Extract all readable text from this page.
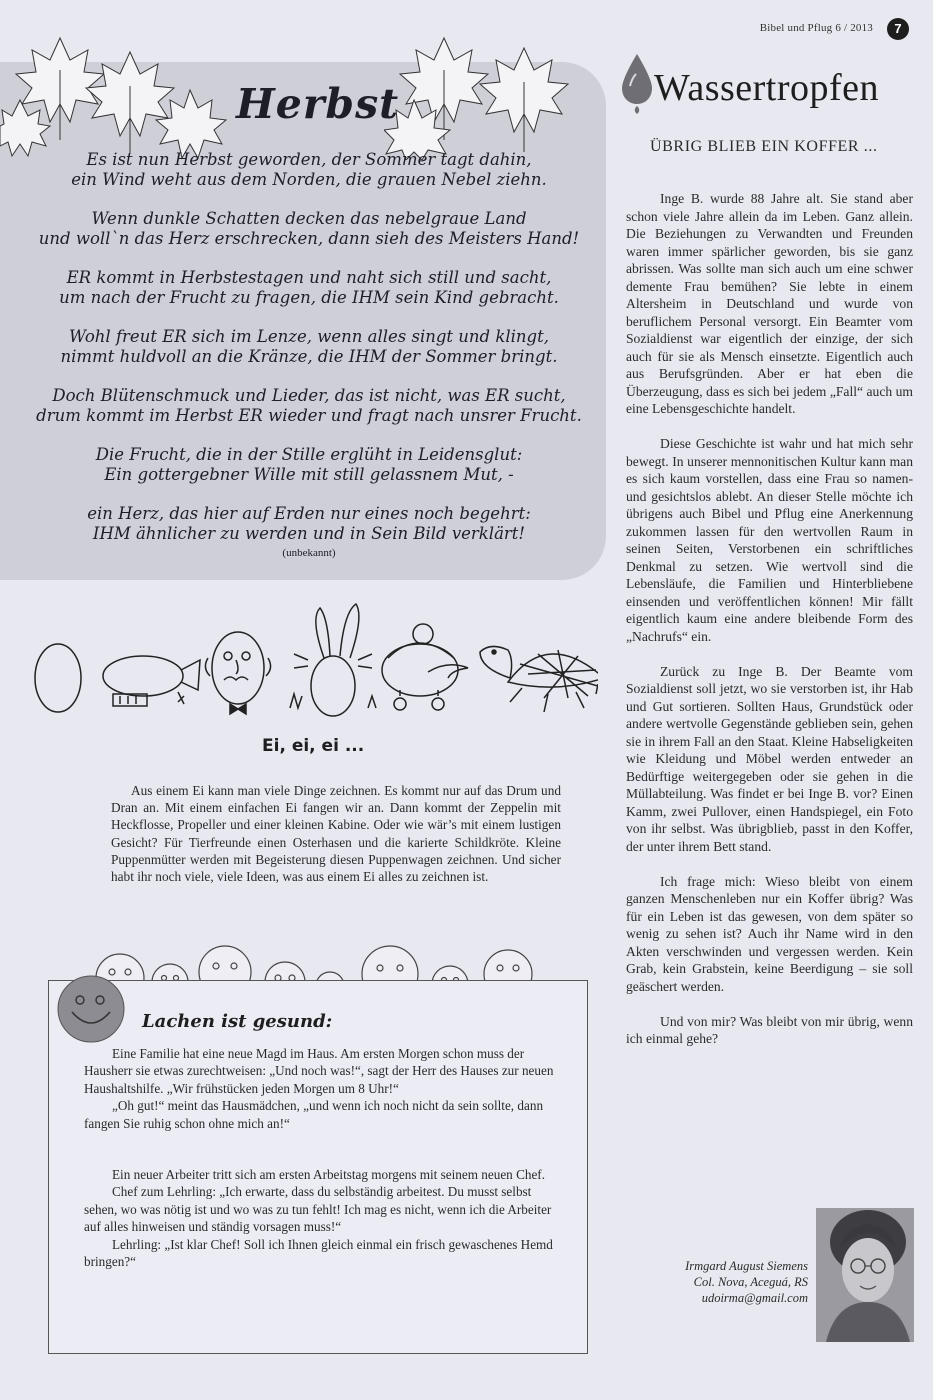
Bibel und Pflug 6 / 2013	7
Herbst
Es ist nun Herbst geworden, der Sommer tagt dahin,
ein Wind weht aus dem Norden, die grauen Nebel ziehn.
Wenn dunkle Schatten decken das nebelgraue Land
und woll`n das Herz erschrecken, dann sieh des Meisters Hand!
ER kommt in Herbstestagen und naht sich still und sacht,
um nach der Frucht zu fragen, die IHM sein Kind gebracht.
Wohl freut ER sich im Lenze, wenn alles singt und klingt,
nimmt huldvoll an die Kränze, die IHM der Sommer bringt.
Doch Blütenschmuck und Lieder, das ist nicht, was ER sucht,
drum kommt im Herbst ER wieder und fragt nach unsrer Frucht.
Die Frucht, die in der Stille erglüht in Leidensglut:
Ein gottergebner Wille mit still gelassnem Mut, -
ein Herz, das hier auf Erden nur eines noch begehrt:
IHM ähnlicher zu werden und in Sein Bild verklärt!
(unbekannt)
Ei, ei, ei ...

Aus einem Ei kann man viele Dinge zeichnen. Es kommt nur auf das Drum und Dran an. Mit einem einfachen Ei fangen wir an. Dann kommt der Zeppelin mit Heckflosse, Propeller und einer kleinen Kabine. Oder wie wär’s mit einem lustigen Gesicht? Für Tierfreunde einen Osterhasen und die karierte Schildkröte. Kleine Puppenmütter werden mit Begeisterung diesen Puppenwagen zeichnen. Und sicher habt ihr noch viele, viele Ideen, was aus einem Ei alles zu zeichnen ist.

Lachen ist gesund:

Eine Familie hat eine neue Magd im Haus. Am ersten Morgen schon muss der Hausherr sie etwas zurechtweisen: „Und noch was!“, sagt der Herr des Hauses zur neuen Haushaltshilfe. „Wir frühstücken jeden Morgen um 8 Uhr!“

„Oh gut!“ meint das Hausmädchen, „und wenn ich noch nicht da sein sollte, dann fangen Sie ruhig schon ohne mich an!“

Ein neuer Arbeiter tritt sich am ersten Arbeitstag morgens mit seinem neuen Chef.

Chef zum Lehrling: „Ich erwarte, dass du selbständig arbeitest. Du musst selbst sehen, wo was nötig ist und wo was zu tun fehlt! Ich mag es nicht, wenn ich die Arbeiter auf alles hinweisen und ständig vorsagen muss!“

Lehrling: „Ist klar Chef! Soll ich Ihnen gleich einmal ein frisch gewaschenes Hemd bringen?“

Wassertropfen
ÜBRIG BLIEB EIN KOFFER ...

Inge B. wurde 88 Jahre alt. Sie stand aber schon viele Jahre allein da im Leben. Ganz allein. Die Beziehungen zu Verwandten und Freunden waren immer spärlicher geworden, bis sie ganz abrissen. Was sollte man sich auch um eine schwer demente Frau bemühen? Sie lebte in einem Altersheim in Deutschland und wurde von beruflichem Personal versorgt. Ein Beamter vom Sozialdienst war eigentlich der einzige, der sich auch für sie als Mensch einsetzte. Eigentlich auch aus Berufsgründen. Aber er hat eben die Überzeugung, dass es sich bei jedem „Fall“ auch um eine Lebensgeschichte handelt.

Diese Geschichte ist wahr und hat mich sehr bewegt. In unserer mennonitischen Kultur kann man es sich kaum vorstellen, dass eine Frau so namen- und gesichtslos ablebt. An dieser Stelle möchte ich übrigens auch Bibel und Pflug eine Anerkennung zukommen lassen für den wertvollen Raum in seinen Seiten, Verstorbenen ein schriftliches Denkmal zu setzen. Wie wertvoll sind die Lebensläufe, die Familien und Hinterbliebene einsenden und veröffentlichen können! Mir fällt eigentlich kaum eine andere bleibende Form des „Nachrufs“ ein.

Zurück zu Inge B. Der Beamte vom Sozialdienst soll jetzt, wo sie verstorben ist, ihr Hab und Gut sortieren. Sollten Haus, Grundstück oder andere wertvolle Gegenstände geblieben sein, gehen sie in ihrem Fall an den Staat. Kleine Habseligkeiten wie Kleidung und Möbel werden entweder an Bedürftige weitergegeben oder sie gehen in die Müllabteilung. Was findet er bei Inge B. vor? Einen Kamm, zwei Pullover, einen Handspiegel, ein Foto von ihr selbst. Was übrigblieb, passt in den Koffer, der unter ihrem Bett stand.

Ich frage mich: Wieso bleibt von einem ganzen Menschenleben nur ein Koffer übrig? Was für ein Leben ist das gewesen, von dem später so wenig zu sehen ist? Auch ihr Name wird in den Akten verschwinden und vergessen werden. Kein Grab, kein Grabstein, keine Beerdigung – sie soll geäschert werden.

Und von mir? Was bleibt von mir übrig, wenn ich einmal gehe?

Irmgard August Siemens
Col. Nova, Aceguá, RS
udoirma@gmail.com
